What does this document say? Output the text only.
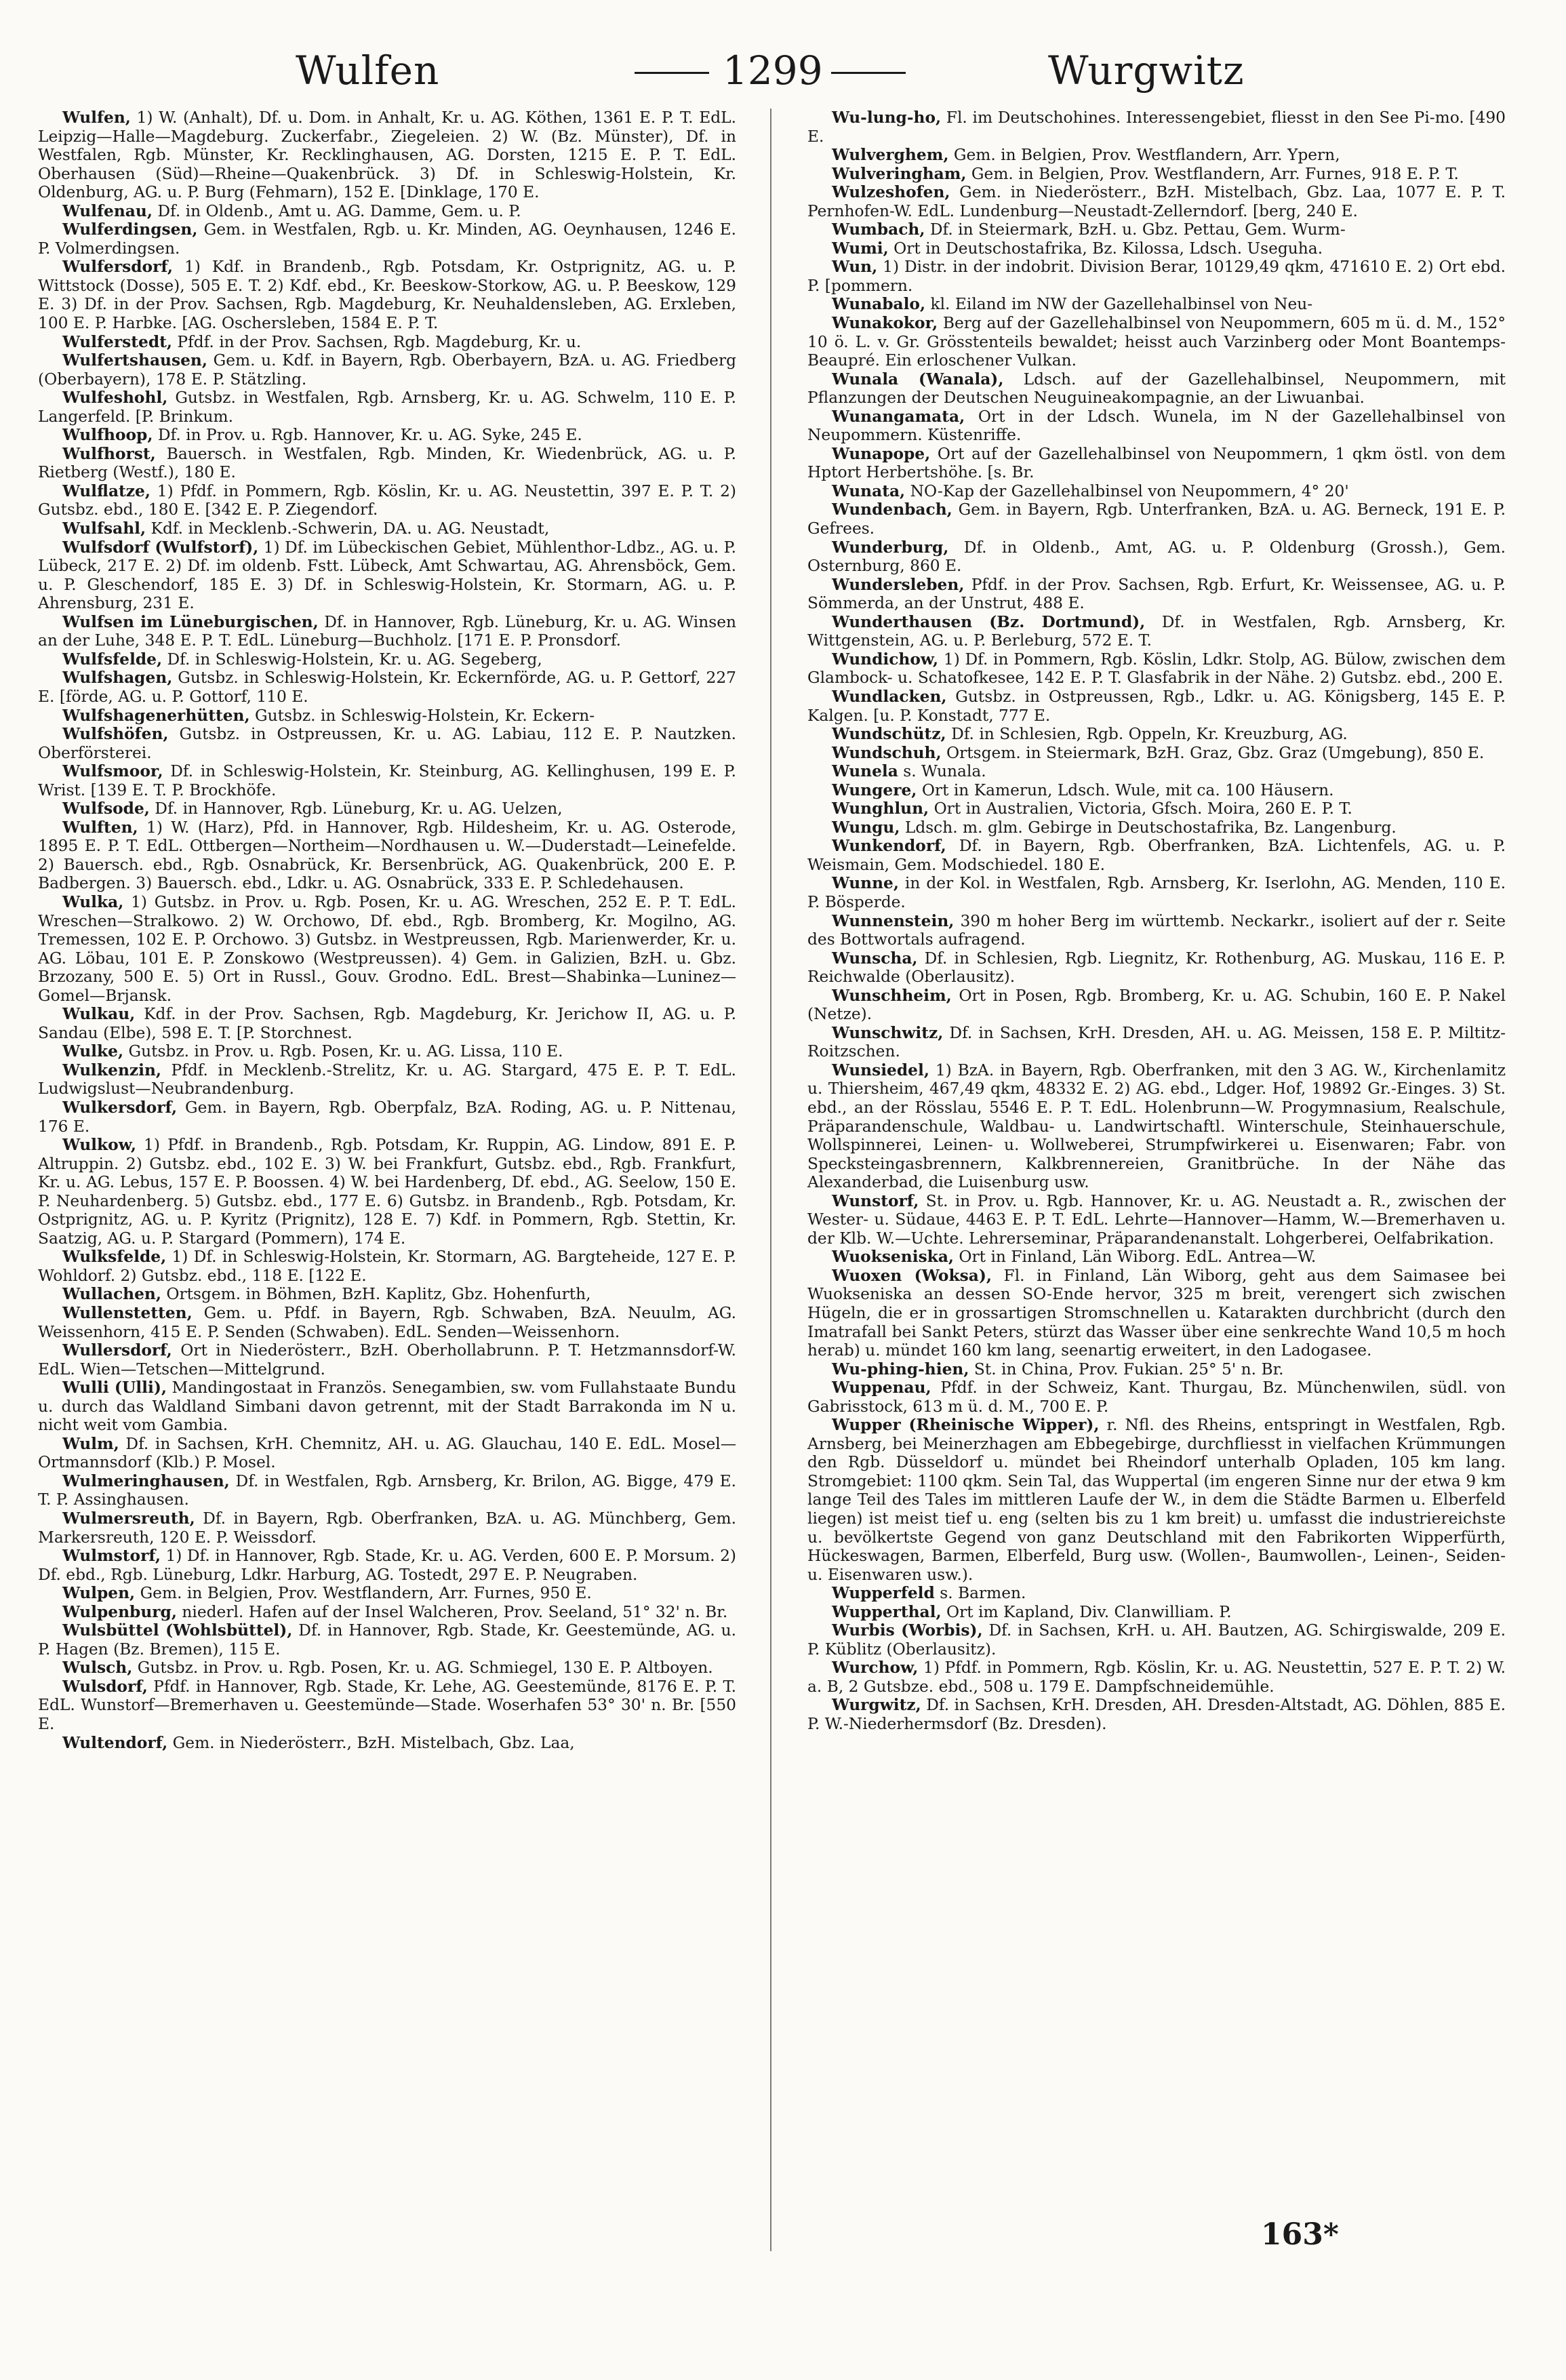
Wulfen	1299	Wurgwitz

Wulfen, 1) W. (Anhalt), Df. u. Dom. in Anhalt, Kr. u. AG. Köthen, 1361 E. P. T. EdL. Leipzig—Halle—Magdeburg. Zuckerfabr., Ziegeleien. 2) W. (Bz. Münster), Df. in Westfalen, Rgb. Münster, Kr. Recklinghausen, AG. Dorsten, 1215 E. P. T. EdL. Oberhausen (Süd)—Rheine—Quakenbrück. 3) Df. in Schleswig-Holstein, Kr. Oldenburg, AG. u. P. Burg (Fehmarn), 152 E. [Dinklage, 170 E.

Wulfenau, Df. in Oldenb., Amt u. AG. Damme, Gem. u. P.

Wulferdingsen, Gem. in Westfalen, Rgb. u. Kr. Minden, AG. Oeynhausen, 1246 E. P. Volmerdingsen.

Wulfersdorf, 1) Kdf. in Brandenb., Rgb. Potsdam, Kr. Ostprignitz, AG. u. P. Wittstock (Dosse), 505 E. T. 2) Kdf. ebd., Kr. Beeskow-Storkow, AG. u. P. Beeskow, 129 E. 3) Df. in der Prov. Sachsen, Rgb. Magdeburg, Kr. Neuhaldensleben, AG. Erxleben, 100 E. P. Harbke. [AG. Oschersleben, 1584 E. P. T.

Wulferstedt, Pfdf. in der Prov. Sachsen, Rgb. Magdeburg, Kr. u.

Wulfertshausen, Gem. u. Kdf. in Bayern, Rgb. Oberbayern, BzA. u. AG. Friedberg (Oberbayern), 178 E. P. Stätzling.

Wulfeshohl, Gutsbz. in Westfalen, Rgb. Arnsberg, Kr. u. AG. Schwelm, 110 E. P. Langerfeld. [P. Brinkum.

Wulfhoop, Df. in Prov. u. Rgb. Hannover, Kr. u. AG. Syke, 245 E.

Wulfhorst, Bauersch. in Westfalen, Rgb. Minden, Kr. Wiedenbrück, AG. u. P. Rietberg (Westf.), 180 E.

Wulflatze, 1) Pfdf. in Pommern, Rgb. Köslin, Kr. u. AG. Neustettin, 397 E. P. T. 2) Gutsbz. ebd., 180 E. [342 E. P. Ziegendorf.

Wulfsahl, Kdf. in Mecklenb.-Schwerin, DA. u. AG. Neustadt,

Wulfsdorf (Wulfstorf), 1) Df. im Lübeckischen Gebiet, Mühlenthor-Ldbz., AG. u. P. Lübeck, 217 E. 2) Df. im oldenb. Fstt. Lübeck, Amt Schwartau, AG. Ahrensböck, Gem. u. P. Gleschendorf, 185 E. 3) Df. in Schleswig-Holstein, Kr. Stormarn, AG. u. P. Ahrensburg, 231 E.

Wulfsen im Lüneburgischen, Df. in Hannover, Rgb. Lüneburg, Kr. u. AG. Winsen an der Luhe, 348 E. P. T. EdL. Lüneburg—Buchholz. [171 E. P. Pronsdorf.

Wulfsfelde, Df. in Schleswig-Holstein, Kr. u. AG. Segeberg,

Wulfshagen, Gutsbz. in Schleswig-Holstein, Kr. Eckernförde, AG. u. P. Gettorf, 227 E. [förde, AG. u. P. Gottorf, 110 E.

Wulfshagenerhütten, Gutsbz. in Schleswig-Holstein, Kr. Eckern-

Wulfshöfen, Gutsbz. in Ostpreussen, Kr. u. AG. Labiau, 112 E. P. Nautzken. Oberförsterei.

Wulfsmoor, Df. in Schleswig-Holstein, Kr. Steinburg, AG. Kellinghusen, 199 E. P. Wrist. [139 E. T. P. Brockhöfe.

Wulfsode, Df. in Hannover, Rgb. Lüneburg, Kr. u. AG. Uelzen,

Wulften, 1) W. (Harz), Pfd. in Hannover, Rgb. Hildesheim, Kr. u. AG. Osterode, 1895 E. P. T. EdL. Ottbergen—Northeim—Nordhausen u. W.—Duderstadt—Leinefelde. 2) Bauersch. ebd., Rgb. Osnabrück, Kr. Bersenbrück, AG. Quakenbrück, 200 E. P. Badbergen. 3) Bauersch. ebd., Ldkr. u. AG. Osnabrück, 333 E. P. Schledehausen.

Wulka, 1) Gutsbz. in Prov. u. Rgb. Posen, Kr. u. AG. Wreschen, 252 E. P. T. EdL. Wreschen—Stralkowo. 2) W. Orchowo, Df. ebd., Rgb. Bromberg, Kr. Mogilno, AG. Tremessen, 102 E. P. Orchowo. 3) Gutsbz. in Westpreussen, Rgb. Marienwerder, Kr. u. AG. Löbau, 101 E. P. Zonskowo (Westpreussen). 4) Gem. in Galizien, BzH. u. Gbz. Brzozany, 500 E. 5) Ort in Russl., Gouv. Grodno. EdL. Brest—Shabinka—Luninez—Gomel—Brjansk.

Wulkau, Kdf. in der Prov. Sachsen, Rgb. Magdeburg, Kr. Jerichow II, AG. u. P. Sandau (Elbe), 598 E. T. [P. Storchnest.

Wulke, Gutsbz. in Prov. u. Rgb. Posen, Kr. u. AG. Lissa, 110 E.

Wulkenzin, Pfdf. in Mecklenb.-Strelitz, Kr. u. AG. Stargard, 475 E. P. T. EdL. Ludwigslust—Neubrandenburg.

Wulkersdorf, Gem. in Bayern, Rgb. Oberpfalz, BzA. Roding, AG. u. P. Nittenau, 176 E.

Wulkow, 1) Pfdf. in Brandenb., Rgb. Potsdam, Kr. Ruppin, AG. Lindow, 891 E. P. Altruppin. 2) Gutsbz. ebd., 102 E. 3) W. bei Frankfurt, Gutsbz. ebd., Rgb. Frankfurt, Kr. u. AG. Lebus, 157 E. P. Boossen. 4) W. bei Hardenberg, Df. ebd., AG. Seelow, 150 E. P. Neuhardenberg. 5) Gutsbz. ebd., 177 E. 6) Gutsbz. in Brandenb., Rgb. Potsdam, Kr. Ostprignitz, AG. u. P. Kyritz (Prignitz), 128 E. 7) Kdf. in Pommern, Rgb. Stettin, Kr. Saatzig, AG. u. P. Stargard (Pommern), 174 E.

Wulksfelde, 1) Df. in Schleswig-Holstein, Kr. Stormarn, AG. Bargteheide, 127 E. P. Wohldorf. 2) Gutsbz. ebd., 118 E. [122 E.

Wullachen, Ortsgem. in Böhmen, BzH. Kaplitz, Gbz. Hohenfurth,

Wullenstetten, Gem. u. Pfdf. in Bayern, Rgb. Schwaben, BzA. Neuulm, AG. Weissenhorn, 415 E. P. Senden (Schwaben). EdL. Senden—Weissenhorn.

Wullersdorf, Ort in Niederösterr., BzH. Oberhollabrunn. P. T. Hetzmannsdorf-W. EdL. Wien—Tetschen—Mittelgrund.

Wulli (Ulli), Mandingostaat in Französ. Senegambien, sw. vom Fullahstaate Bundu u. durch das Waldland Simbani davon getrennt, mit der Stadt Barrakonda im N u. nicht weit vom Gambia.

Wulm, Df. in Sachsen, KrH. Chemnitz, AH. u. AG. Glauchau, 140 E. EdL. Mosel—Ortmannsdorf (Klb.) P. Mosel.

Wulmeringhausen, Df. in Westfalen, Rgb. Arnsberg, Kr. Brilon, AG. Bigge, 479 E. T. P. Assinghausen.

Wulmersreuth, Df. in Bayern, Rgb. Oberfranken, BzA. u. AG. Münchberg, Gem. Markersreuth, 120 E. P. Weissdorf.

Wulmstorf, 1) Df. in Hannover, Rgb. Stade, Kr. u. AG. Verden, 600 E. P. Morsum. 2) Df. ebd., Rgb. Lüneburg, Ldkr. Harburg, AG. Tostedt, 297 E. P. Neugraben.

Wulpen, Gem. in Belgien, Prov. Westflandern, Arr. Furnes, 950 E.

Wulpenburg, niederl. Hafen auf der Insel Walcheren, Prov. Seeland, 51° 32' n. Br.

Wulsbüttel (Wohlsbüttel), Df. in Hannover, Rgb. Stade, Kr. Geestemünde, AG. u. P. Hagen (Bz. Bremen), 115 E.

Wulsch, Gutsbz. in Prov. u. Rgb. Posen, Kr. u. AG. Schmiegel, 130 E. P. Altboyen.

Wulsdorf, Pfdf. in Hannover, Rgb. Stade, Kr. Lehe, AG. Geestemünde, 8176 E. P. T. EdL. Wunstorf—Bremerhaven u. Geestemünde—Stade. Woserhafen 53° 30' n. Br. [550 E.

Wultendorf, Gem. in Niederösterr., BzH. Mistelbach, Gbz. Laa,

Wu-lung-ho, Fl. im Deutschohines. Interessengebiet, fliesst in den See Pi-mo. [490 E.

Wulverghem, Gem. in Belgien, Prov. Westflandern, Arr. Ypern,

Wulveringham, Gem. in Belgien, Prov. Westflandern, Arr. Furnes, 918 E. P. T.

Wulzeshofen, Gem. in Niederösterr., BzH. Mistelbach, Gbz. Laa, 1077 E. P. T. Pernhofen-W. EdL. Lundenburg—Neustadt-Zellerndorf. [berg, 240 E.

Wumbach, Df. in Steiermark, BzH. u. Gbz. Pettau, Gem. Wurm-

Wumi, Ort in Deutschostafrika, Bz. Kilossa, Ldsch. Useguha.

Wun, 1) Distr. in der indobrit. Division Berar, 10129,49 qkm, 471610 E. 2) Ort ebd. P. [pommern.

Wunabalo, kl. Eiland im NW der Gazellehalbinsel von Neu-

Wunakokor, Berg auf der Gazellehalbinsel von Neupommern, 605 m ü. d. M., 152° 10 ö. L. v. Gr. Grösstenteils bewaldet; heisst auch Varzinberg oder Mont Boantemps-Beaupré. Ein erloschener Vulkan.

Wunala (Wanala), Ldsch. auf der Gazellehalbinsel, Neupommern, mit Pflanzungen der Deutschen Neuguineakompagnie, an der Liwuanbai.

Wunangamata, Ort in der Ldsch. Wunela, im N der Gazellehalbinsel von Neupommern. Küstenriffe.

Wunapope, Ort auf der Gazellehalbinsel von Neupommern, 1 qkm östl. von dem Hptort Herbertshöhe. [s. Br.

Wunata, NO-Kap der Gazellehalbinsel von Neupommern, 4° 20'

Wundenbach, Gem. in Bayern, Rgb. Unterfranken, BzA. u. AG. Berneck, 191 E. P. Gefrees.

Wunderburg, Df. in Oldenb., Amt, AG. u. P. Oldenburg (Grossh.), Gem. Osternburg, 860 E.

Wundersleben, Pfdf. in der Prov. Sachsen, Rgb. Erfurt, Kr. Weissensee, AG. u. P. Sömmerda, an der Unstrut, 488 E.

Wunderthausen (Bz. Dortmund), Df. in Westfalen, Rgb. Arnsberg, Kr. Wittgenstein, AG. u. P. Berleburg, 572 E. T.

Wundichow, 1) Df. in Pommern, Rgb. Köslin, Ldkr. Stolp, AG. Bülow, zwischen dem Glambock- u. Schatofkesee, 142 E. P. T. Glasfabrik in der Nähe. 2) Gutsbz. ebd., 200 E.

Wundlacken, Gutsbz. in Ostpreussen, Rgb., Ldkr. u. AG. Königsberg, 145 E. P. Kalgen. [u. P. Konstadt, 777 E.

Wundschütz, Df. in Schlesien, Rgb. Oppeln, Kr. Kreuzburg, AG.

Wundschuh, Ortsgem. in Steiermark, BzH. Graz, Gbz. Graz (Umgebung), 850 E.

Wunela s. Wunala.

Wungere, Ort in Kamerun, Ldsch. Wule, mit ca. 100 Häusern.

Wunghlun, Ort in Australien, Victoria, Gfsch. Moira, 260 E. P. T.

Wungu, Ldsch. m. glm. Gebirge in Deutschostafrika, Bz. Langenburg.

Wunkendorf, Df. in Bayern, Rgb. Oberfranken, BzA. Lichtenfels, AG. u. P. Weismain, Gem. Modschiedel. 180 E.

Wunne, in der Kol. in Westfalen, Rgb. Arnsberg, Kr. Iserlohn, AG. Menden, 110 E. P. Bösperde.

Wunnenstein, 390 m hoher Berg im württemb. Neckarkr., isoliert auf der r. Seite des Bottwortals aufragend.

Wunscha, Df. in Schlesien, Rgb. Liegnitz, Kr. Rothenburg, AG. Muskau, 116 E. P. Reichwalde (Oberlausitz).

Wunschheim, Ort in Posen, Rgb. Bromberg, Kr. u. AG. Schubin, 160 E. P. Nakel (Netze).

Wunschwitz, Df. in Sachsen, KrH. Dresden, AH. u. AG. Meissen, 158 E. P. Miltitz-Roitzschen.

Wunsiedel, 1) BzA. in Bayern, Rgb. Oberfranken, mit den 3 AG. W., Kirchenlamitz u. Thiersheim, 467,49 qkm, 48332 E. 2) AG. ebd., Ldger. Hof, 19892 Gr.-Einges. 3) St. ebd., an der Rösslau, 5546 E. P. T. EdL. Holenbrunn—W. Progymnasium, Realschule, Präparandenschule, Waldbau- u. Landwirtschaftl. Winterschule, Steinhauerschule, Wollspinnerei, Leinen- u. Wollweberei, Strumpfwirkerei u. Eisenwaren; Fabr. von Specksteingasbrennern, Kalkbrennereien, Granitbrüche. In der Nähe das Alexanderbad, die Luisenburg usw.

Wunstorf, St. in Prov. u. Rgb. Hannover, Kr. u. AG. Neustadt a. R., zwischen der Wester- u. Südaue, 4463 E. P. T. EdL. Lehrte—Hannover—Hamm, W.—Bremerhaven u. der Klb. W.—Uchte. Lehrerseminar, Präparandenanstalt. Lohgerberei, Oelfabrikation.

Wuokseniska, Ort in Finland, Län Wiborg. EdL. Antrea—W.

Wuoxen (Woksa), Fl. in Finland, Län Wiborg, geht aus dem Saimasee bei Wuokseniska an dessen SO-Ende hervor, 325 m breit, verengert sich zwischen Hügeln, die er in grossartigen Stromschnellen u. Katarakten durchbricht (durch den Imatrafall bei Sankt Peters, stürzt das Wasser über eine senkrechte Wand 10,5 m hoch herab) u. mündet 160 km lang, seenartig erweitert, in den Ladogasee.

Wu-phing-hien, St. in China, Prov. Fukian. 25° 5' n. Br.

Wuppenau, Pfdf. in der Schweiz, Kant. Thurgau, Bz. Münchenwilen, südl. von Gabrisstock, 613 m ü. d. M., 700 E. P.

Wupper (Rheinische Wipper), r. Nfl. des Rheins, entspringt in Westfalen, Rgb. Arnsberg, bei Meinerzhagen am Ebbegebirge, durchfliesst in vielfachen Krümmungen den Rgb. Düsseldorf u. mündet bei Rheindorf unterhalb Opladen, 105 km lang. Stromgebiet: 1100 qkm. Sein Tal, das Wuppertal (im engeren Sinne nur der etwa 9 km lange Teil des Tales im mittleren Laufe der W., in dem die Städte Barmen u. Elberfeld liegen) ist meist tief u. eng (selten bis zu 1 km breit) u. umfasst die industriereichste u. bevölkertste Gegend von ganz Deutschland mit den Fabrikorten Wipperfürth, Hückeswagen, Barmen, Elberfeld, Burg usw. (Wollen-, Baumwollen-, Leinen-, Seiden- u. Eisenwaren usw.).

Wupperfeld s. Barmen.

Wupperthal, Ort im Kapland, Div. Clanwilliam. P.

Wurbis (Worbis), Df. in Sachsen, KrH. u. AH. Bautzen, AG. Schirgiswalde, 209 E. P. Küblitz (Oberlausitz).

Wurchow, 1) Pfdf. in Pommern, Rgb. Köslin, Kr. u. AG. Neustettin, 527 E. P. T. 2) W. a. B, 2 Gutsbze. ebd., 508 u. 179 E. Dampfschneidemühle.

Wurgwitz, Df. in Sachsen, KrH. Dresden, AH. Dresden-Altstadt, AG. Döhlen, 885 E. P. W.-Niederhermsdorf (Bz. Dresden).

163*
